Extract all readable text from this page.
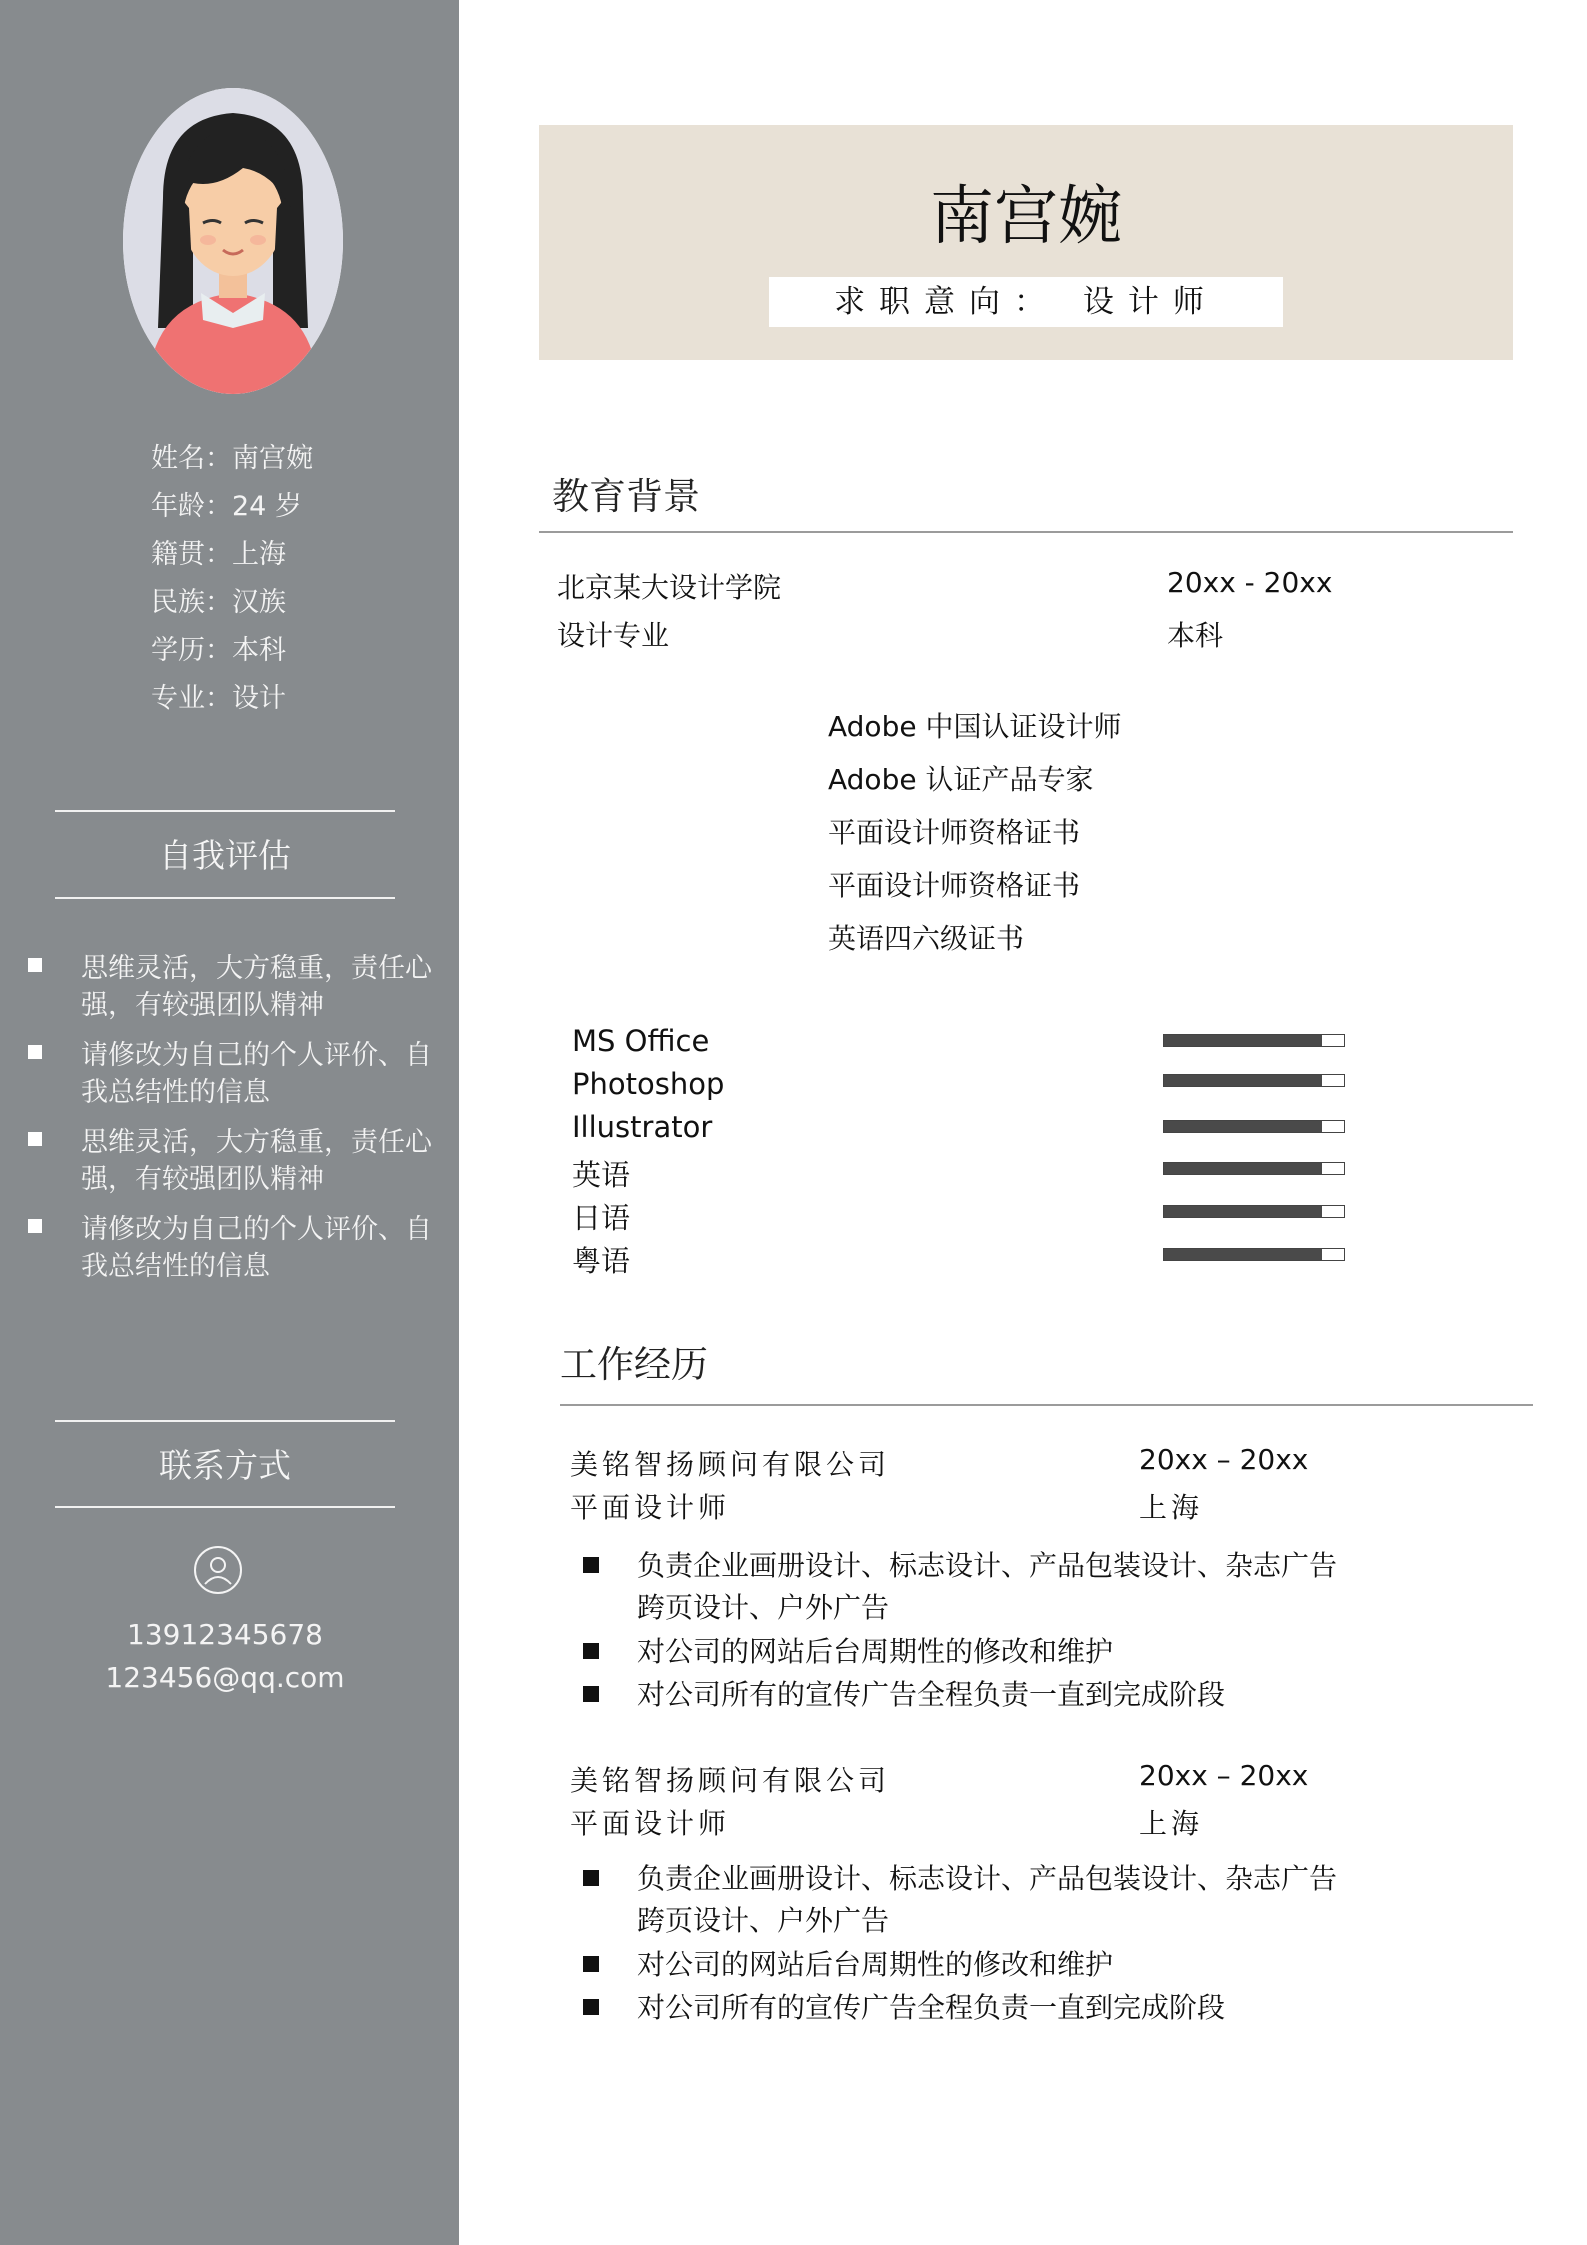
姓名：南宫婉
年龄：24 岁
籍贯：上海
民族：汉族
学历：本科
专业：设计
自我评估
思维灵活，大方稳重，责任心强，有较强团队精神
请修改为自己的个人评价、自我总结性的信息
思维灵活，大方稳重，责任心强，有较强团队精神
请修改为自己的个人评价、自我总结性的信息
联系方式
13912345678
123456@qq.com
南宫婉
求职意向： 设计师
教育背景
北京某大设计学院	20xx - 20xx
设计专业	本科
Adobe 中国认证设计师
Adobe 认证产品专家
平面设计师资格证书
平面设计师资格证书
英语四六级证书
MS Office
Photoshop
Illustrator
英语
日语
粤语
工作经历
美铭智扬顾问有限公司	20xx – 20xx
平面设计师	上海
负责企业画册设计、标志设计、产品包装设计、杂志广告跨页设计、户外广告
对公司的网站后台周期性的修改和维护
对公司所有的宣传广告全程负责一直到完成阶段
美铭智扬顾问有限公司	20xx – 20xx
平面设计师	上海
负责企业画册设计、标志设计、产品包装设计、杂志广告跨页设计、户外广告
对公司的网站后台周期性的修改和维护
对公司所有的宣传广告全程负责一直到完成阶段
